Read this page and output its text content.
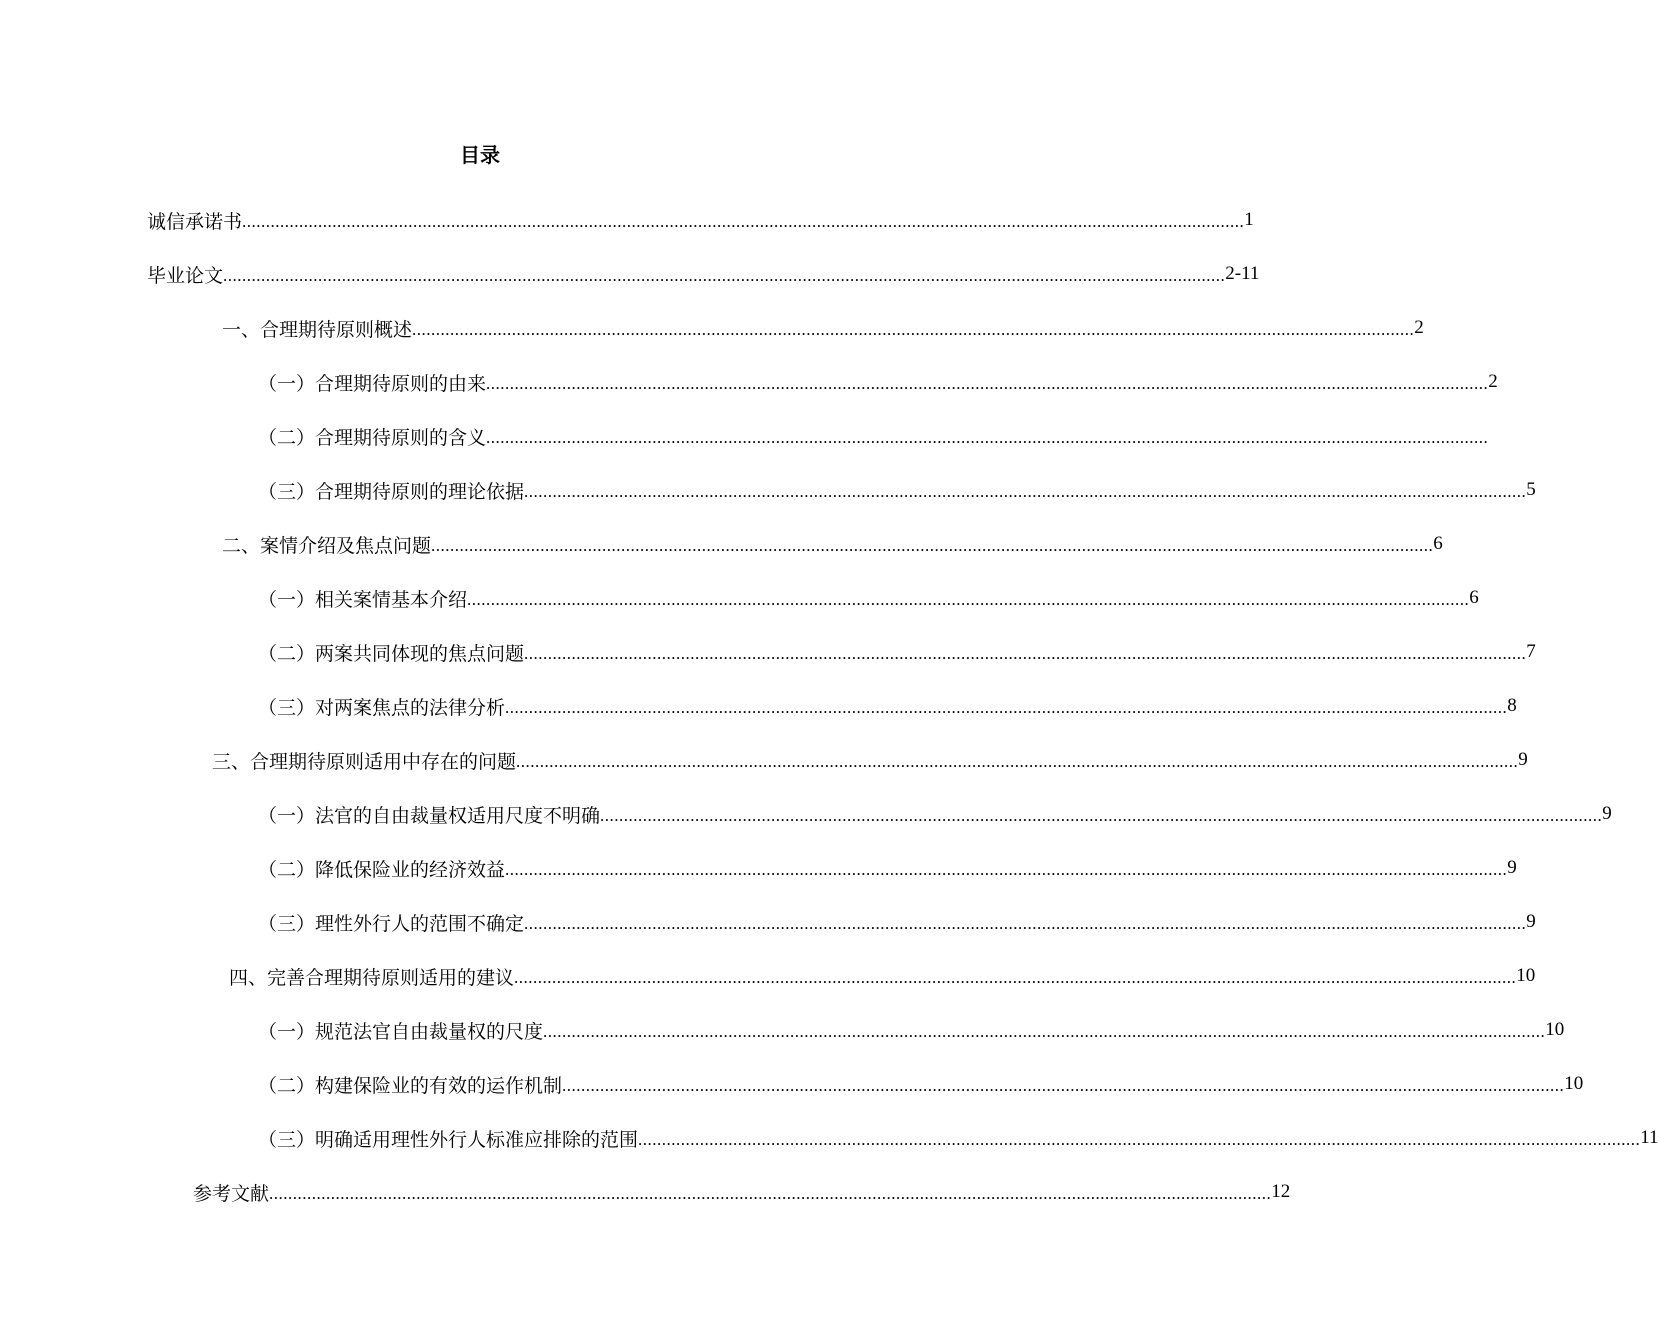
目录
诚信承诺书 ................................................................................................................................................................................................................... 1
毕业论文 ................................................................................................................................................................................................................... 2-11
一、合理期待原则概述 ................................................................................................................................................................................................................... 2
（一）合理期待原则的由来 ................................................................................................................................................................................................................... 2
（二）合理期待原则的含义 ...................................................................................................................................................................................................................
（三）合理期待原则的理论依据 ................................................................................................................................................................................................................... 5
二、案情介绍及焦点问题 ................................................................................................................................................................................................................... 6
（一）相关案情基本介绍 ................................................................................................................................................................................................................... 6
（二）两案共同体现的焦点问题 ................................................................................................................................................................................................................... 7
（三）对两案焦点的法律分析 ................................................................................................................................................................................................................... 8
三、合理期待原则适用中存在的问题 ................................................................................................................................................................................................................... 9
（一）法官的自由裁量权适用尺度不明确 ................................................................................................................................................................................................................... 9
（二）降低保险业的经济效益 ................................................................................................................................................................................................................... 9
（三）理性外行人的范围不确定 ................................................................................................................................................................................................................... 9
四、完善合理期待原则适用的建议 ................................................................................................................................................................................................................... 10
（一）规范法官自由裁量权的尺度 ................................................................................................................................................................................................................... 10
（二）构建保险业的有效的运作机制 ................................................................................................................................................................................................................... 10
（三）明确适用理性外行人标准应排除的范围 ................................................................................................................................................................................................................... 11
参考文献 ................................................................................................................................................................................................................... 12
